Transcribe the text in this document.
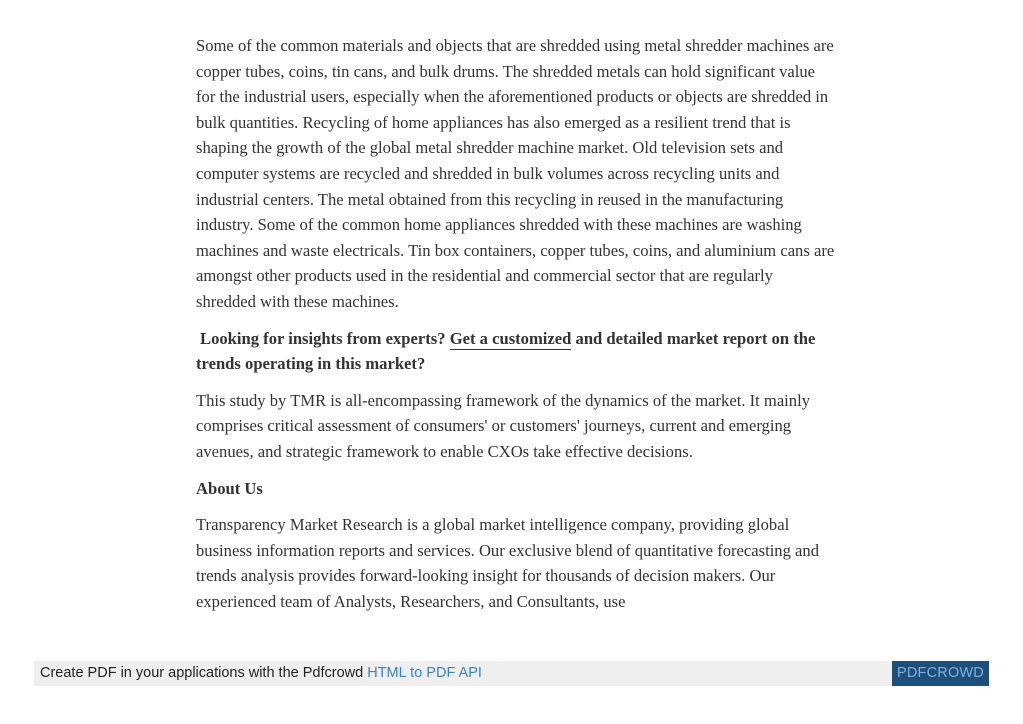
Some of the common materials and objects that are shredded using metal shredder machines are copper tubes, coins, tin cans, and bulk drums. The shredded metals can hold significant value for the industrial users, especially when the aforementioned products or objects are shredded in bulk quantities. Recycling of home appliances has also emerged as a resilient trend that is shaping the growth of the global metal shredder machine market. Old television sets and computer systems are recycled and shredded in bulk volumes across recycling units and industrial centers. The metal obtained from this recycling in reused in the manufacturing industry. Some of the common home appliances shredded with these machines are washing machines and waste electricals. Tin box containers, copper tubes, coins, and aluminium cans are amongst other products used in the residential and commercial sector that are regularly shredded with these machines.

Looking for insights from experts? Get a customized and detailed market report on the trends operating in this market?

This study by TMR is all-encompassing framework of the dynamics of the market. It mainly comprises critical assessment of consumers' or customers' journeys, current and emerging avenues, and strategic framework to enable CXOs take effective decisions.

About Us

Transparency Market Research is a global market intelligence company, providing global business information reports and services. Our exclusive blend of quantitative forecasting and trends analysis provides forward-looking insight for thousands of decision makers. Our experienced team of Analysts, Researchers, and Consultants, use

Create PDF in your applications with the Pdfcrowd HTML to PDF API	PDFCROWD
